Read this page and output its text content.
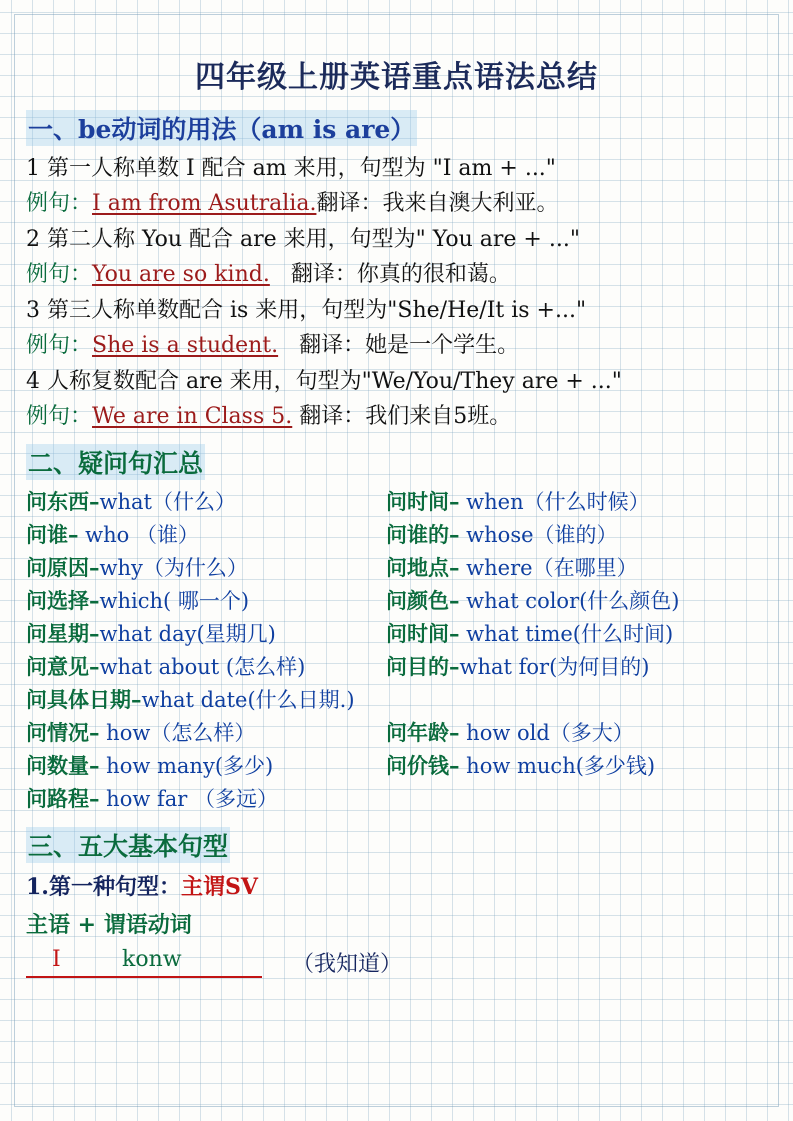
四年级上册英语重点语法总结
一、be动词的用法（am is are）
1 第一人称单数 I 配合 am 来用，句型为 "I am + ..."
例句：I am from Asutralia.翻译：我来自澳大利亚。
2 第二人称 You 配合 are 来用，句型为" You are + ..."
例句：You are so kind. 翻译：你真的很和蔼。
3 第三人称单数配合 is 来用，句型为"She/He/It is +..."
例句：She is a student. 翻译：她是一个学生。
4 人称复数配合 are 来用，句型为"We/You/They are + ..."
例句：We are in Class 5. 翻译：我们来自5班。
二、疑问句汇总
问东西–what（什么）	问时间– when（什么时候）
问谁– who （谁）	问谁的– whose（谁的）
问原因–why（为什么）	问地点– where（在哪里）
问选择–which( 哪一个)	问颜色– what color(什么颜色)
问星期–what day(星期几)	问时间– what time(什么时间)
问意见–what about (怎么样)	问目的–what for(为何目的)
问具体日期–what date(什么日期.)
问情况– how（怎么样）	问年龄– how old（多大）
问数量– how many(多少)	问价钱– how much(多少钱)
问路程– how far （多远）
三、五大基本句型
1.第一种句型：主谓SV
主语 + 谓语动词
I	konw	（我知道）
